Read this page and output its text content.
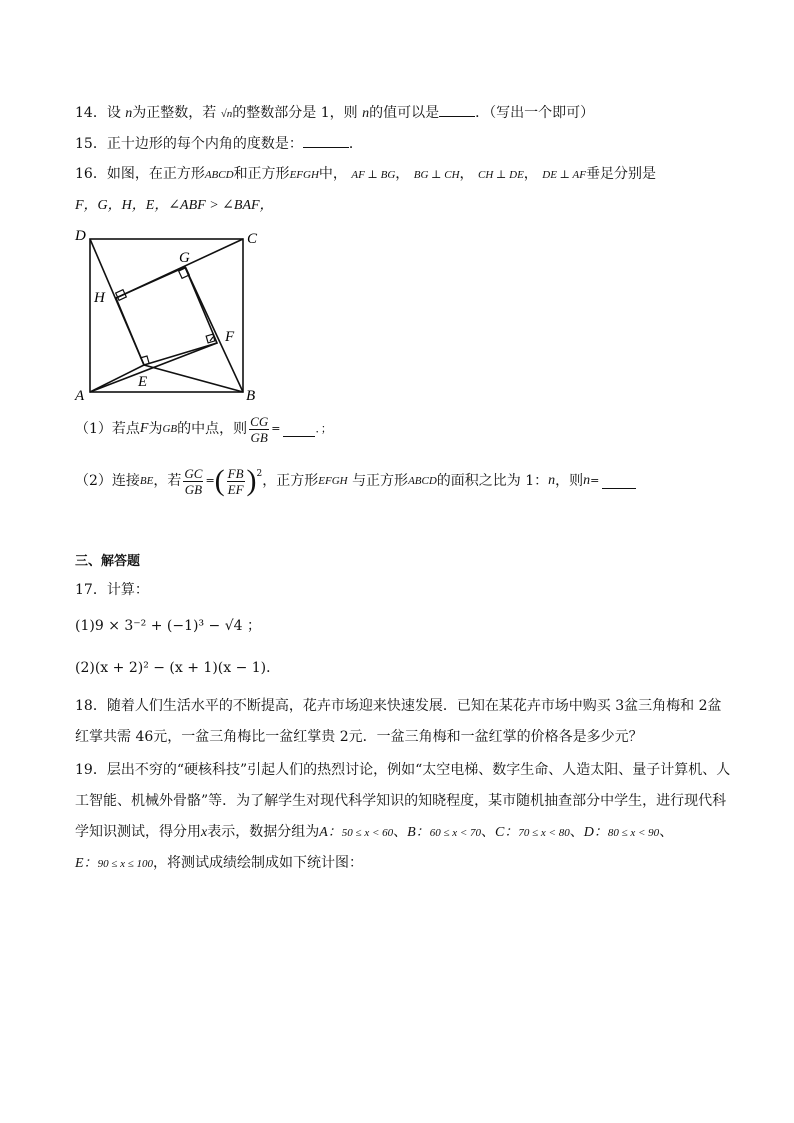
14．设 n为正整数，若 √n的整数部分是 1，则 n的值可以是	．（写出一个即可）
15．正十边形的每个内角的度数是：	．
16．如图，在正方形ABCD和正方形EFGH中， AF ⊥ BG， BG ⊥ CH， CH ⊥ DE， DE ⊥ AF垂足分别是
F，G，H，E，∠ABF > ∠BAF，
D	C
A	B
E
F
G
H
（1）若点 F 为 GB 的中点，则 $\frac{CG}{GB}$ =	．；
（2）连接 BE ，若 $\frac{GC}{GB}$ = ( $\frac{FB}{EF}$ ) 2 ，正方形 EFGH
与正方形 ABCD 的面积之比为 1： n ，则 n =
三、解答题
17．计算：
(1)9 × 3⁻² + (−1)³ − √4 ；
(2)(x + 2)² − (x + 1)(x − 1)．
18．随着人们生活水平的不断提高，花卉市场迎来快速发展．已知在某花卉市场中购买 3盆三角梅和 2盆
红掌共需 46元，一盆三角梅比一盆红掌贵 2元．一盆三角梅和一盆红掌的价格各是多少元？
19．层出不穷的“硬核科技”引起人们的热烈讨论，例如“太空电梯、数字生命、人造太阳、量子计算机、人
工智能、机械外骨骼”等．为了解学生对现代科学知识的知晓程度，某市随机抽查部分中学生，进行现代科
学知识测试，得分用x表示，数据分组为A：50 ≤ x < 60、B：60 ≤ x < 70、C：70 ≤ x < 80、D：80 ≤ x < 90、
E：90 ≤ x ≤ 100，将测试成绩绘制成如下统计图：
